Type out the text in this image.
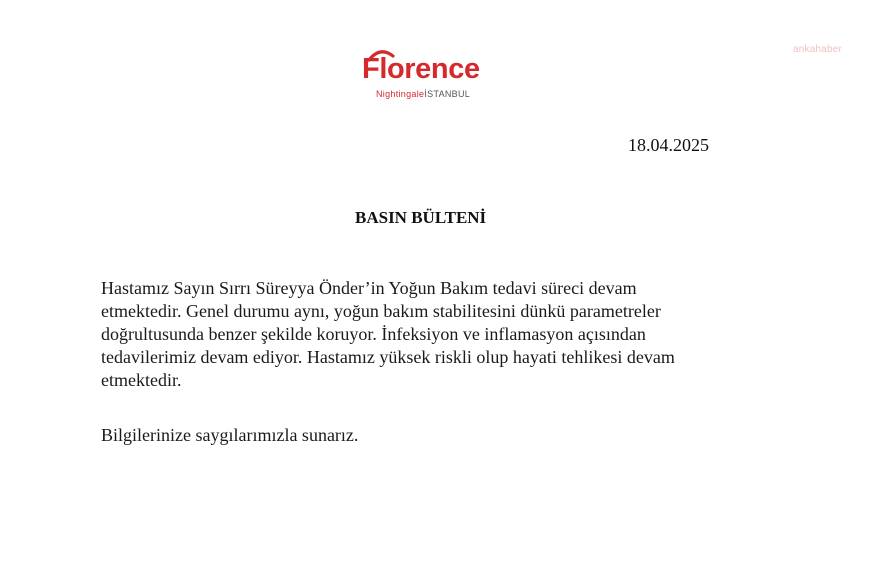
ankahaber
Florence
NightingaleİSTANBUL
18.04.2025
BASIN BÜLTENİ
Hastamız Sayın Sırrı Süreyya Önder’in Yoğun Bakım tedavi süreci devam
etmektedir. Genel durumu aynı, yoğun bakım stabilitesini dünkü parametreler
doğrultusunda benzer şekilde koruyor. İnfeksiyon ve inflamasyon açısından
tedavilerimiz devam ediyor. Hastamız yüksek riskli olup hayati tehlikesi devam
etmektedir.
Bilgilerinize saygılarımızla sunarız.
